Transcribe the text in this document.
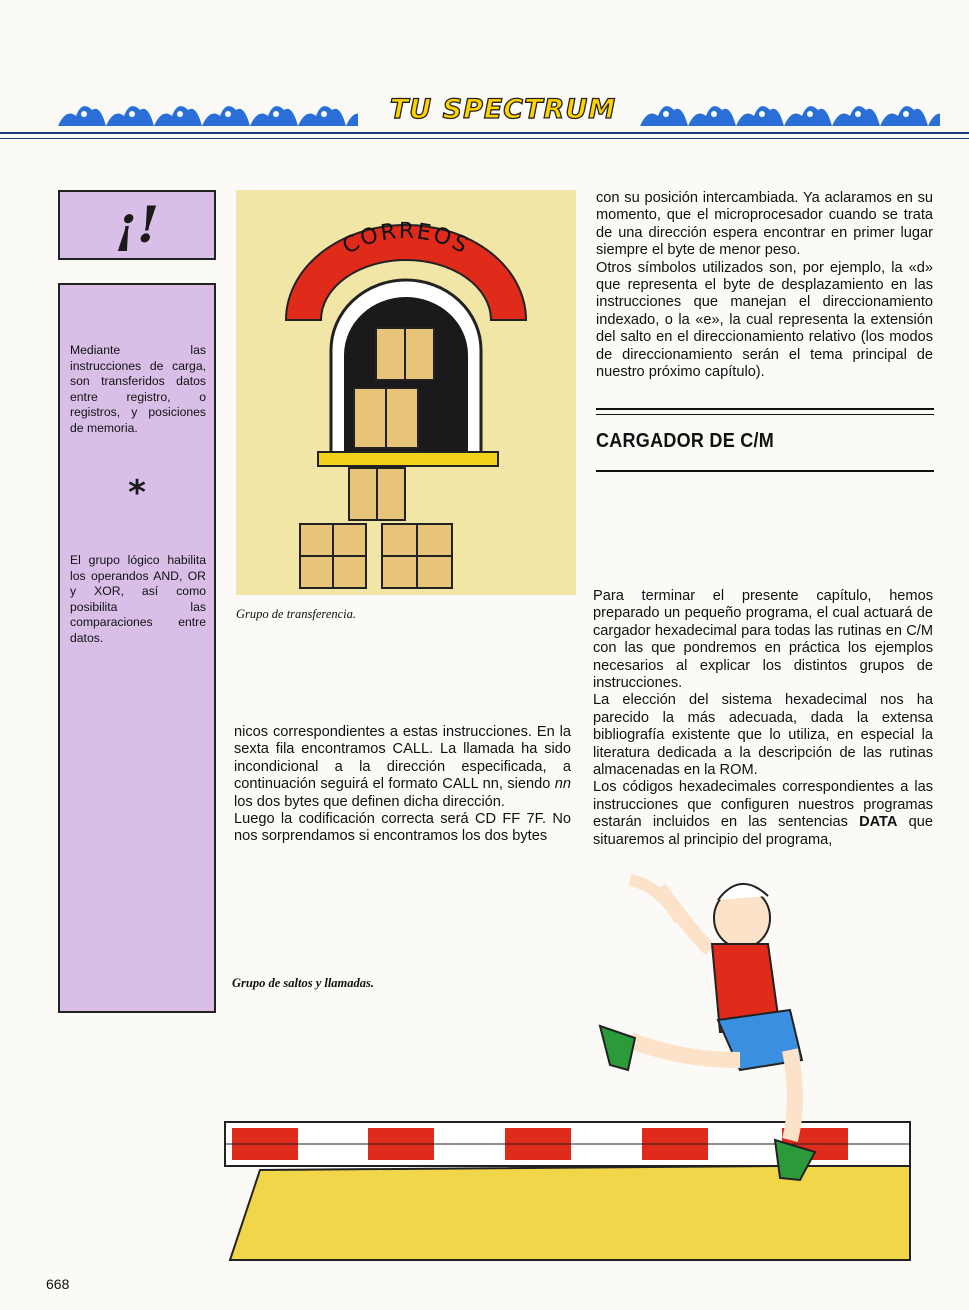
TU SPECTRUM
¡!
Mediante las instrucciones de carga, son transferidos datos entre registro, o registros, y posiciones de memoria.
*
El grupo lógico habilita los operandos AND, OR y XOR, así como posibilita las comparaciones entre datos.
CORREOS
Grupo de transferencia.

nicos correspondientes a estas instrucciones. En la sexta fila encontramos CALL. La llamada ha sido incondicional a la dirección especificada, a continuación seguirá el formato CALL nn, siendo nn los dos bytes que definen dicha dirección.

Luego la codificación correcta será CD FF 7F. No nos sorprendamos si encontramos los dos bytes

Grupo de saltos y llamadas.

con su posición intercambiada. Ya aclaramos en su momento, que el microprocesador cuando se trata de una dirección espera encontrar en primer lugar siempre el byte de menor peso.

Otros símbolos utilizados son, por ejemplo, la «d» que representa el byte de desplazamiento en las instrucciones que manejan el direccionamiento indexado, o la «e», la cual representa la extensión del salto en el direccionamiento relativo (los modos de direccionamiento serán el tema principal de nuestro próximo capítulo).

CARGADOR DE C/M

Para terminar el presente capítulo, hemos preparado un pequeño programa, el cual actuará de cargador hexadecimal para todas las rutinas en C/M con las que pondremos en práctica los ejemplos necesarios al explicar los distintos grupos de instrucciones.

La elección del sistema hexadecimal nos ha parecido la más adecuada, dada la extensa bibliografía existente que lo utiliza, en especial la literatura dedicada a la descripción de las rutinas almacenadas en la ROM.

Los códigos hexadecimales correspondientes a las instrucciones que configuren nuestros programas estarán incluidos en las sentencias DATA que situaremos al principio del programa,

668
